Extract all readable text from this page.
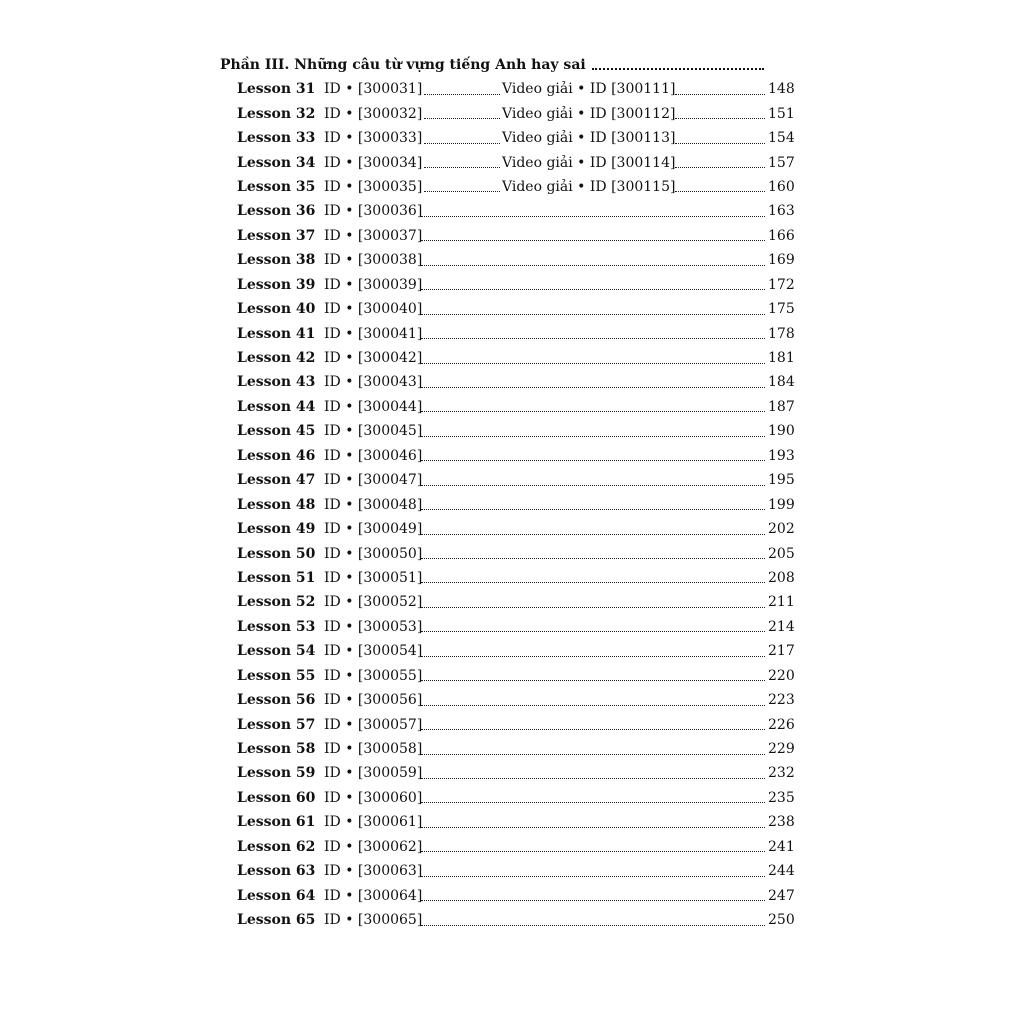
Phần III. Những câu từ vựng tiếng Anh hay sai
Lesson 31 ID • [300031]	Video giải • ID [300111]	148
Lesson 32 ID • [300032]	Video giải • ID [300112]	151
Lesson 33 ID • [300033]	Video giải • ID [300113]	154
Lesson 34 ID • [300034]	Video giải • ID [300114]	157
Lesson 35 ID • [300035]	Video giải • ID [300115]	160
Lesson 36 ID • [300036]	163
Lesson 37 ID • [300037]	166
Lesson 38 ID • [300038]	169
Lesson 39 ID • [300039]	172
Lesson 40 ID • [300040]	175
Lesson 41 ID • [300041]	178
Lesson 42 ID • [300042]	181
Lesson 43 ID • [300043]	184
Lesson 44 ID • [300044]	187
Lesson 45 ID • [300045]	190
Lesson 46 ID • [300046]	193
Lesson 47 ID • [300047]	195
Lesson 48 ID • [300048]	199
Lesson 49 ID • [300049]	202
Lesson 50 ID • [300050]	205
Lesson 51 ID • [300051]	208
Lesson 52 ID • [300052]	211
Lesson 53 ID • [300053]	214
Lesson 54 ID • [300054]	217
Lesson 55 ID • [300055]	220
Lesson 56 ID • [300056]	223
Lesson 57 ID • [300057]	226
Lesson 58 ID • [300058]	229
Lesson 59 ID • [300059]	232
Lesson 60 ID • [300060]	235
Lesson 61 ID • [300061]	238
Lesson 62 ID • [300062]	241
Lesson 63 ID • [300063]	244
Lesson 64 ID • [300064]	247
Lesson 65 ID • [300065]	250
